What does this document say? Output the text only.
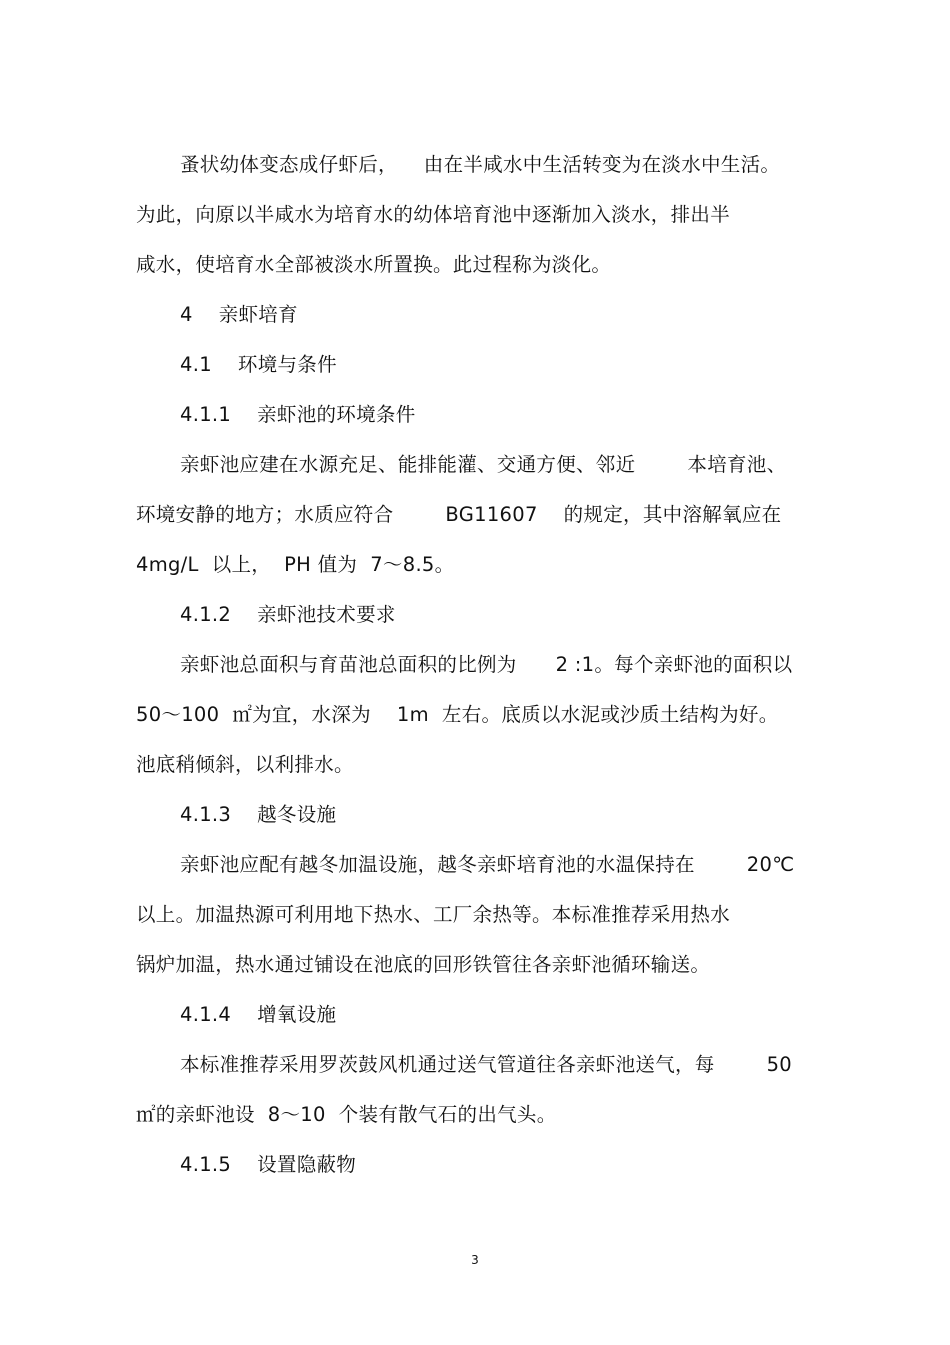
蚤状幼体变态成仔虾后，    由在半咸水中生活转变为在淡水中生活。
为此，向原以半咸水为培育水的幼体培育池中逐渐加入淡水，排出半
咸水，使培育水全部被淡水所置换。此过程称为淡化。
4    亲虾培育
4.1    环境与条件
4.1.1    亲虾池的环境条件
亲虾池应建在水源充足、能排能灌、交通方便、邻近        本培育池、
环境安静的地方；水质应符合        BG11607    的规定，其中溶解氧应在
4mg/L  以上，  PH 值为  7～8.5。
4.1.2    亲虾池技术要求
亲虾池总面积与育苗池总面积的比例为      2 :1。每个亲虾池的面积以
50～100  ㎡为宜，水深为    1m  左右。底质以水泥或沙质土结构为好。
池底稍倾斜，以利排水。
4.1.3    越冬设施
亲虾池应配有越冬加温设施，越冬亲虾培育池的水温保持在        20℃
以上。加温热源可利用地下热水、工厂余热等。本标准推荐采用热水
锅炉加温，热水通过铺设在池底的回形铁管往各亲虾池循环输送。
4.1.4    增氧设施
本标准推荐采用罗茨鼓风机通过送气管道往各亲虾池送气，每        50
㎡的亲虾池设  8～10  个装有散气石的出气头。
4.1.5    设置隐蔽物
3
